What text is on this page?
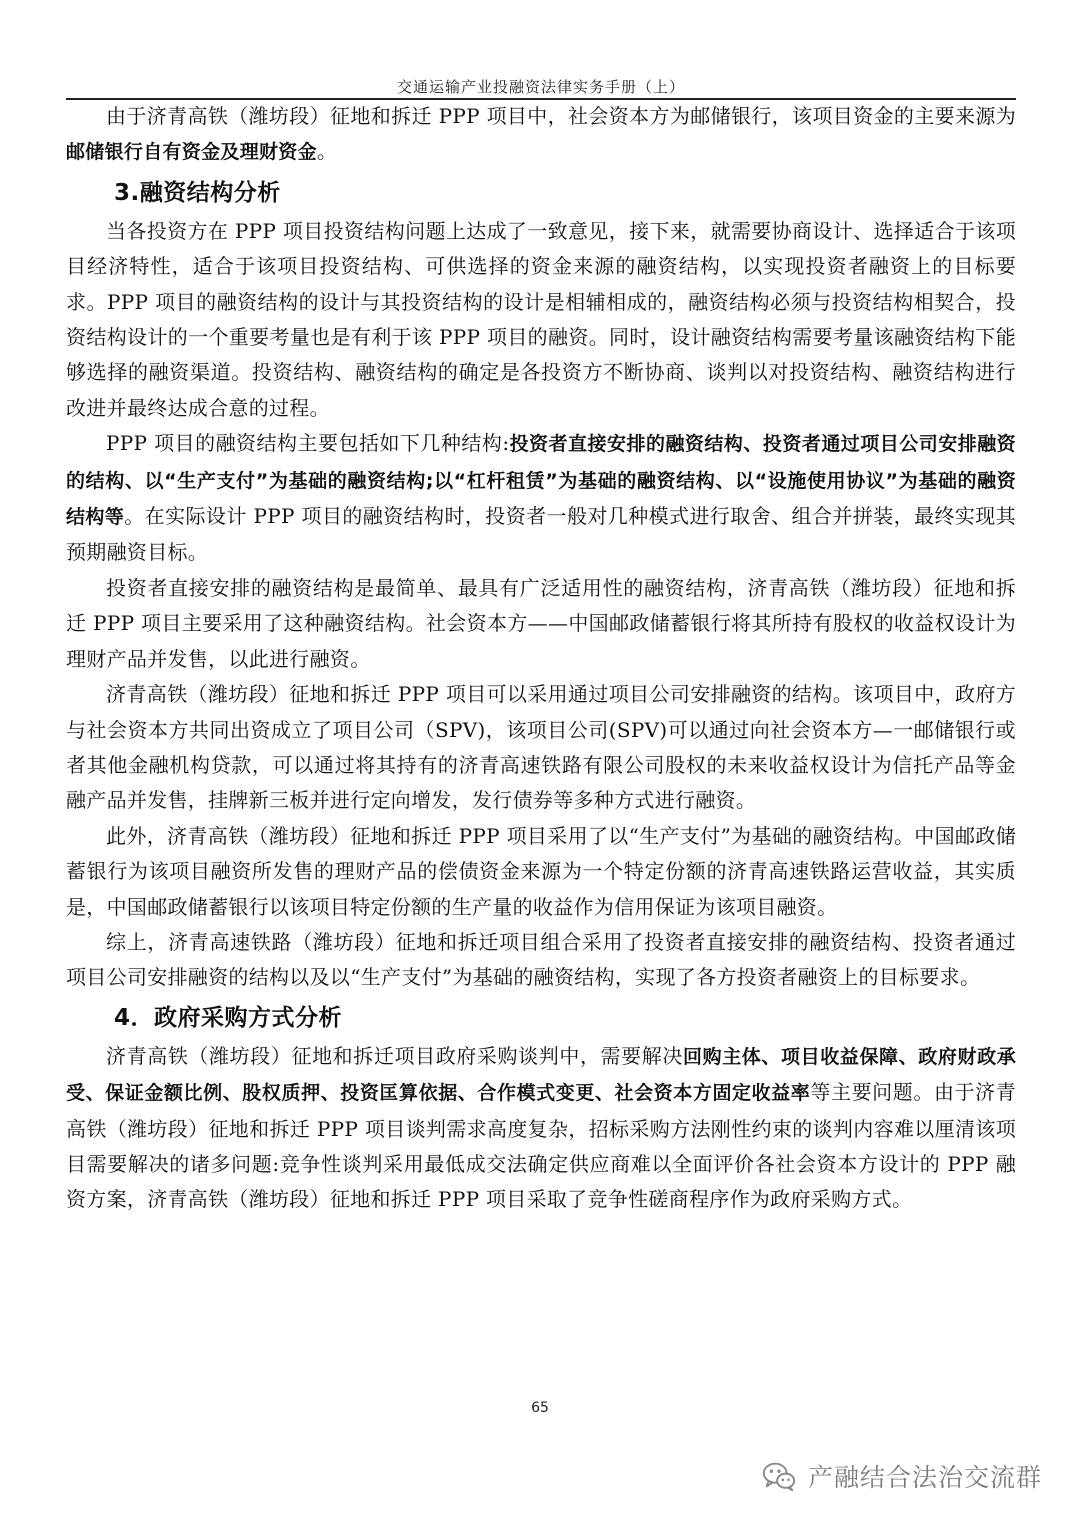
交通运输产业投融资法律实务手册（上）

由于济青高铁（潍坊段）征地和拆迁 PPP 项目中，社会资本方为邮储银行，该项目资金的主要来源为邮储银行自有资金及理财资金。

3.融资结构分析

当各投资方在 PPP 项目投资结构问题上达成了一致意见，接下来，就需要协商设计、选择适合于该项目经济特性，适合于该项目投资结构、可供选择的资金来源的融资结构，以实现投资者融资上的目标要求。PPP 项目的融资结构的设计与其投资结构的设计是相辅相成的，融资结构必须与投资结构相契合，投资结构设计的一个重要考量也是有利于该 PPP 项目的融资。同时，设计融资结构需要考量该融资结构下能够选择的融资渠道。投资结构、融资结构的确定是各投资方不断协商、谈判以对投资结构、融资结构进行改进并最终达成合意的过程。

PPP 项目的融资结构主要包括如下几种结构:投资者直接安排的融资结构、投资者通过项目公司安排融资的结构、以“生产支付”为基础的融资结构;以“杠杆租赁”为基础的融资结构、以“设施使用协议”为基础的融资结构等。在实际设计 PPP 项目的融资结构时，投资者一般对几种模式进行取舍、组合并拼装，最终实现其预期融资目标。

投资者直接安排的融资结构是最简单、最具有广泛适用性的融资结构，济青高铁（潍坊段）征地和拆迁 PPP 项目主要采用了这种融资结构。社会资本方——中国邮政储蓄银行将其所持有股权的收益权设计为理财产品并发售，以此进行融资。

济青高铁（潍坊段）征地和拆迁 PPP 项目可以采用通过项目公司安排融资的结构。该项目中，政府方与社会资本方共同出资成立了项目公司（SPV)，该项目公司(SPV)可以通过向社会资本方—一邮储银行或者其他金融机构贷款，可以通过将其持有的济青高速铁路有限公司股权的未来收益权设计为信托产品等金融产品并发售，挂牌新三板并进行定向增发，发行债券等多种方式进行融资。

此外，济青高铁（潍坊段）征地和拆迁 PPP 项目采用了以“生产支付”为基础的融资结构。中国邮政储蓄银行为该项目融资所发售的理财产品的偿债资金来源为一个特定份额的济青高速铁路运营收益，其实质是，中国邮政储蓄银行以该项目特定份额的生产量的收益作为信用保证为该项目融资。

综上，济青高速铁路（潍坊段）征地和拆迁项目组合采用了投资者直接安排的融资结构、投资者通过项目公司安排融资的结构以及以“生产支付”为基础的融资结构，实现了各方投资者融资上的目标要求。

4．政府采购方式分析

济青高铁（潍坊段）征地和拆迁项目政府采购谈判中，需要解决回购主体、项目收益保障、政府财政承受、保证金额比例、股权质押、投资匡算依据、合作模式变更、社会资本方固定收益率等主要问题。由于济青高铁（潍坊段）征地和拆迁 PPP 项目谈判需求高度复杂，招标采购方法刚性约束的谈判内容难以厘清该项目需要解决的诸多问题:竞争性谈判采用最低成交法确定供应商难以全面评价各社会资本方设计的 PPP 融资方案，济青高铁（潍坊段）征地和拆迁 PPP 项目采取了竞争性磋商程序作为政府采购方式。

65
产融结合法治交流群
